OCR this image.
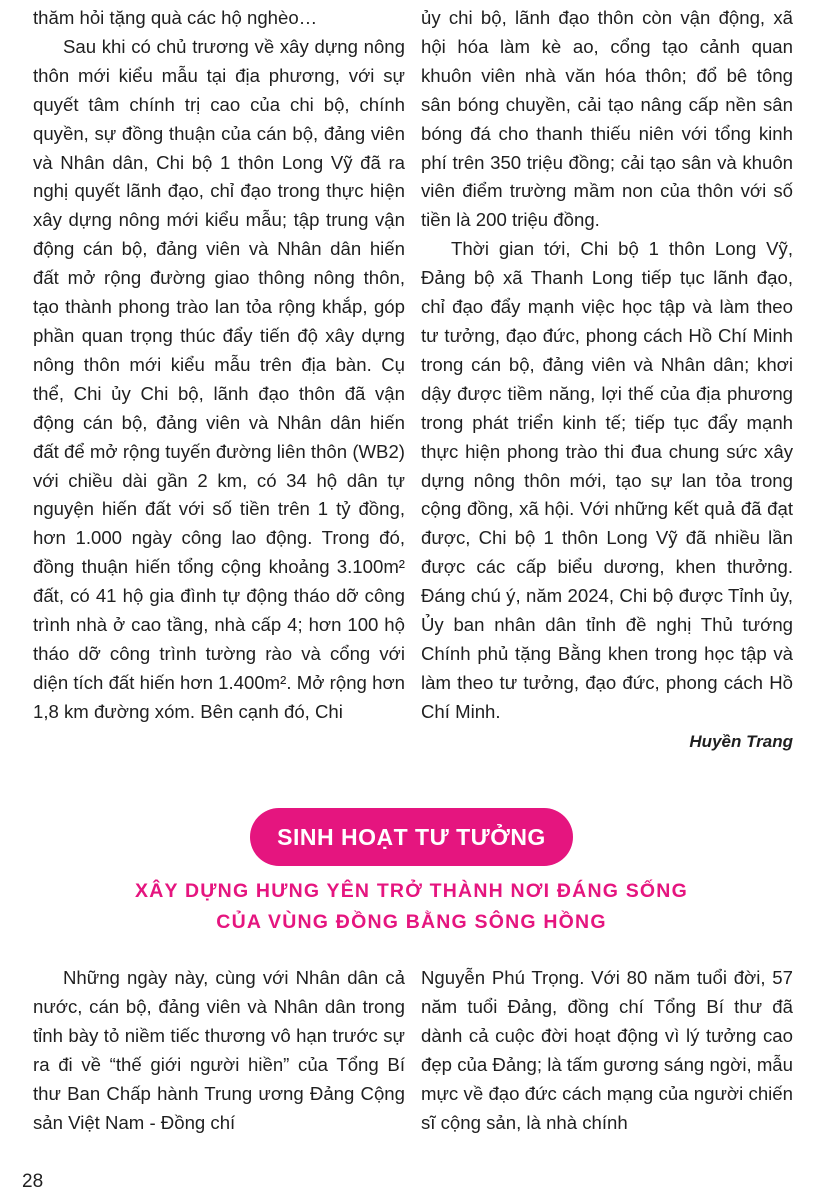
thăm hỏi tặng quà các hộ nghèo…

Sau khi có chủ trương về xây dựng nông thôn mới kiểu mẫu tại địa phương, với sự quyết tâm chính trị cao của chi bộ, chính quyền, sự đồng thuận của cán bộ, đảng viên và Nhân dân, Chi bộ 1 thôn Long Vỹ đã ra nghị quyết lãnh đạo, chỉ đạo trong thực hiện xây dựng nông mới kiểu mẫu; tập trung vận động cán bộ, đảng viên và Nhân dân hiến đất mở rộng đường giao thông nông thôn, tạo thành phong trào lan tỏa rộng khắp, góp phần quan trọng thúc đẩy tiến độ xây dựng nông thôn mới kiểu mẫu trên địa bàn. Cụ thể, Chi ủy Chi bộ, lãnh đạo thôn đã vận động cán bộ, đảng viên và Nhân dân hiến đất để mở rộng tuyến đường liên thôn (WB2) với chiều dài gần 2 km, có 34 hộ dân tự nguyện hiến đất với số tiền trên 1 tỷ đồng, hơn 1.000 ngày công lao động. Trong đó, đồng thuận hiến tổng cộng khoảng 3.100m² đất, có 41 hộ gia đình tự động tháo dỡ công trình nhà ở cao tầng, nhà cấp 4; hơn 100 hộ tháo dỡ công trình tường rào và cổng với diện tích đất hiến hơn 1.400m². Mở rộng hơn 1,8 km đường xóm. Bên cạnh đó, Chi

ủy chi bộ, lãnh đạo thôn còn vận động, xã hội hóa làm kè ao, cổng tạo cảnh quan khuôn viên nhà văn hóa thôn; đổ bê tông sân bóng chuyền, cải tạo nâng cấp nền sân bóng đá cho thanh thiếu niên với tổng kinh phí trên 350 triệu đồng; cải tạo sân và khuôn viên điểm trường mầm non của thôn với số tiền là 200 triệu đồng.

Thời gian tới, Chi bộ 1 thôn Long Vỹ, Đảng bộ xã Thanh Long tiếp tục lãnh đạo, chỉ đạo đẩy mạnh việc học tập và làm theo tư tưởng, đạo đức, phong cách Hồ Chí Minh trong cán bộ, đảng viên và Nhân dân; khơi dậy được tiềm năng, lợi thế của địa phương trong phát triển kinh tế; tiếp tục đẩy mạnh thực hiện phong trào thi đua chung sức xây dựng nông thôn mới, tạo sự lan tỏa trong cộng đồng, xã hội. Với những kết quả đã đạt được, Chi bộ 1 thôn Long Vỹ đã nhiều lần được các cấp biểu dương, khen thưởng. Đáng chú ý, năm 2024, Chi bộ được Tỉnh ủy, Ủy ban nhân dân tỉnh đề nghị Thủ tướng Chính phủ tặng Bằng khen trong học tập và làm theo tư tưởng, đạo đức, phong cách Hồ Chí Minh.

Huyền Trang
SINH HOẠT TƯ TƯỞNG
XÂY DỰNG HƯNG YÊN TRỞ THÀNH NƠI ĐÁNG SỐNG
CỦA VÙNG ĐỒNG BẰNG SÔNG HỒNG

Những ngày này, cùng với Nhân dân cả nước, cán bộ, đảng viên và Nhân dân trong tỉnh bày tỏ niềm tiếc thương vô hạn trước sự ra đi về “thế giới người hiền” của Tổng Bí thư Ban Chấp hành Trung ương Đảng Cộng sản Việt Nam - Đồng chí

Nguyễn Phú Trọng. Với 80 năm tuổi đời, 57 năm tuổi Đảng, đồng chí Tổng Bí thư đã dành cả cuộc đời hoạt động vì lý tưởng cao đẹp của Đảng; là tấm gương sáng ngời, mẫu mực về đạo đức cách mạng của người chiến sĩ cộng sản, là nhà chính

28
